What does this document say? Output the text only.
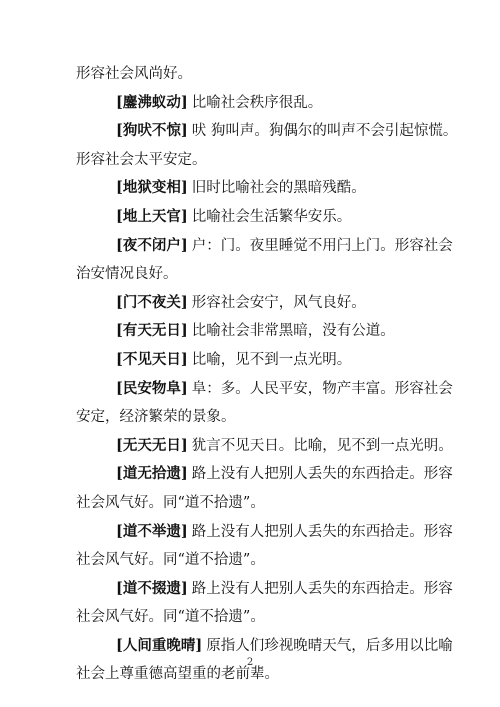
形容社会风尚好。
[ 鏖沸蚁动 ] 比喻社会秩序很乱。
[ 狗吠不惊 ] 吠 狗叫声。狗偶尔的叫声不会引起惊慌。
形容社会太平安定。
[ 地狱变相 ] 旧时比喻社会的黑暗残酷。
[ 地上天官 ] 比喻社会生活繁华安乐。
[ 夜不闭户 ] 户：门。夜里睡觉不用闩上门。形容社会
治安情况良好。
[ 门不夜关 ] 形容社会安宁，风气良好。
[ 有天无日 ] 比喻社会非常黑暗，没有公道。
[ 不见天日 ] 比喻，见不到一点光明。
[ 民安物阜 ] 阜：多。人民平安，物产丰富。形容社会
安定，经济繁荣的景象。
[ 无天无日 ] 犹言不见天日。比喻，见不到一点光明。
[ 道无拾遗 ] 路上没有人把别人丢失的东西拾走。形容
社会风气好。同“道不拾遗”。
[ 道不举遗 ] 路上没有人把别人丢失的东西拾走。形容
社会风气好。同“道不拾遗”。
[ 道不掇遗 ] 路上没有人把别人丢失的东西拾走。形容
社会风气好。同“道不拾遗”。
[ 人间重晚晴 ] 原指人们珍视晚晴天气，后多用以比喻
社会上尊重德高望重的老前辈。
2
